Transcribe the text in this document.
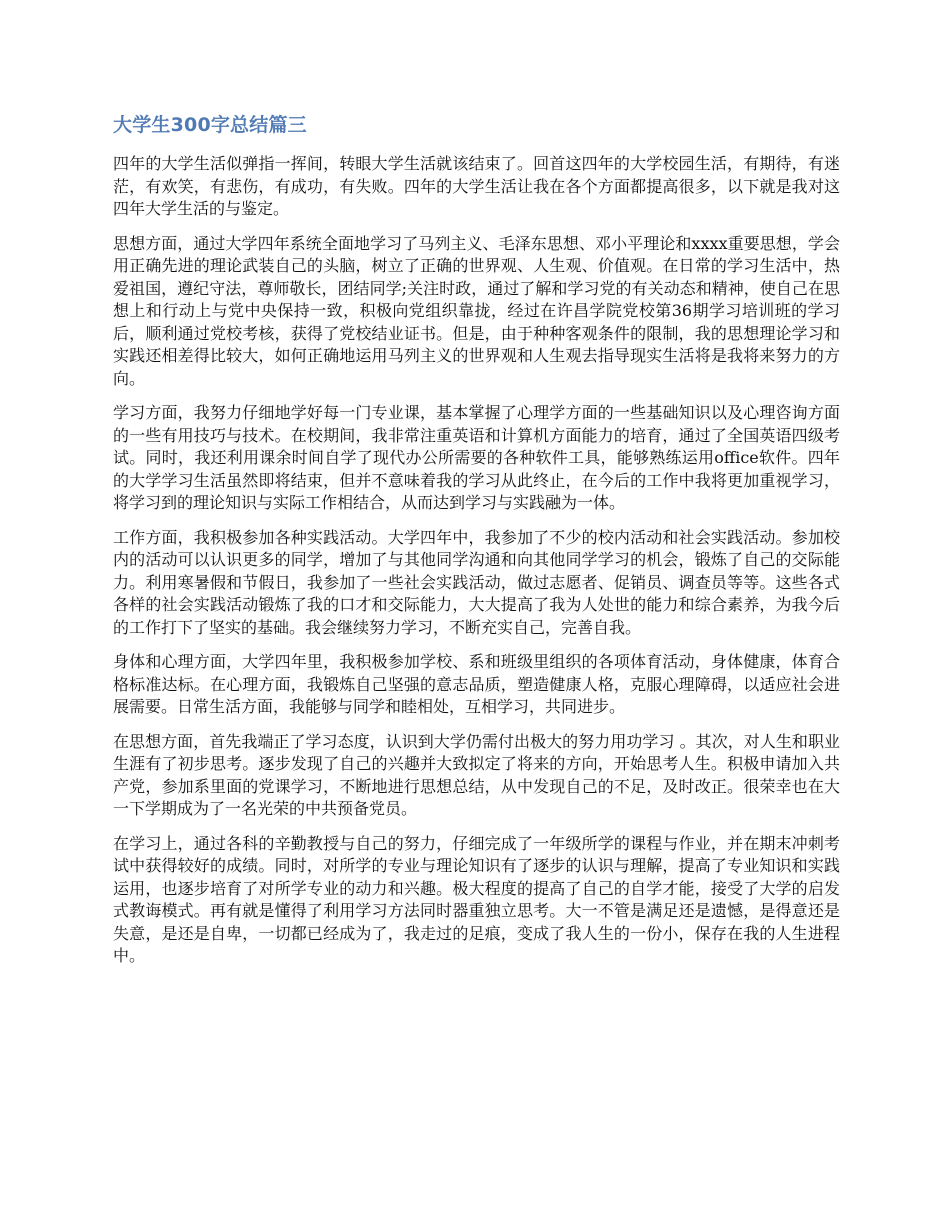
大学生300字总结篇三

四年的大学生活似弹指一挥间，转眼大学生活就该结束了。回首这四年的大学校园生活，有期待，有迷茫，有欢笑，有悲伤，有成功，有失败。四年的大学生活让我在各个方面都提高很多，以下就是我对这四年大学生活的与鉴定。

思想方面，通过大学四年系统全面地学习了马列主义、毛泽东思想、邓小平理论和xxxx重要思想，学会用正确先进的理论武装自己的头脑，树立了正确的世界观、人生观、价值观。在日常的学习生活中，热爱祖国，遵纪守法，尊师敬长，团结同学;关注时政，通过了解和学习党的有关动态和精神，使自己在思想上和行动上与党中央保持一致，积极向党组织靠拢，经过在许昌学院党校第36期学习培训班的学习后，顺利通过党校考核，获得了党校结业证书。但是，由于种种客观条件的限制，我的思想理论学习和实践还相差得比较大，如何正确地运用马列主义的世界观和人生观去指导现实生活将是我将来努力的方向。

学习方面，我努力仔细地学好每一门专业课，基本掌握了心理学方面的一些基础知识以及心理咨询方面的一些有用技巧与技术。在校期间，我非常注重英语和计算机方面能力的培育，通过了全国英语四级考试。同时，我还利用课余时间自学了现代办公所需要的各种软件工具，能够熟练运用office软件。四年的大学学习生活虽然即将结束，但并不意味着我的学习从此终止，在今后的工作中我将更加重视学习，将学习到的理论知识与实际工作相结合，从而达到学习与实践融为一体。

工作方面，我积极参加各种实践活动。大学四年中，我参加了不少的校内活动和社会实践活动。参加校内的活动可以认识更多的同学，增加了与其他同学沟通和向其他同学学习的机会，锻炼了自己的交际能力。利用寒暑假和节假日，我参加了一些社会实践活动，做过志愿者、促销员、调查员等等。这些各式各样的社会实践活动锻炼了我的口才和交际能力，大大提高了我为人处世的能力和综合素养，为我今后的工作打下了坚实的基础。我会继续努力学习，不断充实自己，完善自我。

身体和心理方面，大学四年里，我积极参加学校、系和班级里组织的各项体育活动，身体健康，体育合格标准达标。在心理方面，我锻炼自己坚强的意志品质，塑造健康人格，克服心理障碍，以适应社会进展需要。日常生活方面，我能够与同学和睦相处，互相学习，共同进步。

在思想方面，首先我端正了学习态度，认识到大学仍需付出极大的努力用功学习 。其次，对人生和职业生涯有了初步思考。逐步发现了自己的兴趣并大致拟定了将来的方向，开始思考人生。积极申请加入共产党，参加系里面的党课学习，不断地进行思想总结，从中发现自己的不足，及时改正。很荣幸也在大一下学期成为了一名光荣的中共预备党员。

在学习上，通过各科的辛勤教授与自己的努力，仔细完成了一年级所学的课程与作业，并在期末冲刺考试中获得较好的成绩。同时，对所学的专业与理论知识有了逐步的认识与理解，提高了专业知识和实践运用，也逐步培育了对所学专业的动力和兴趣。极大程度的提高了自己的自学才能，接受了大学的启发式教诲模式。再有就是懂得了利用学习方法同时器重独立思考。大一不管是满足还是遗憾，是得意还是失意，是还是自卑，一切都已经成为了，我走过的足痕，变成了我人生的一份小，保存在我的人生进程中。
